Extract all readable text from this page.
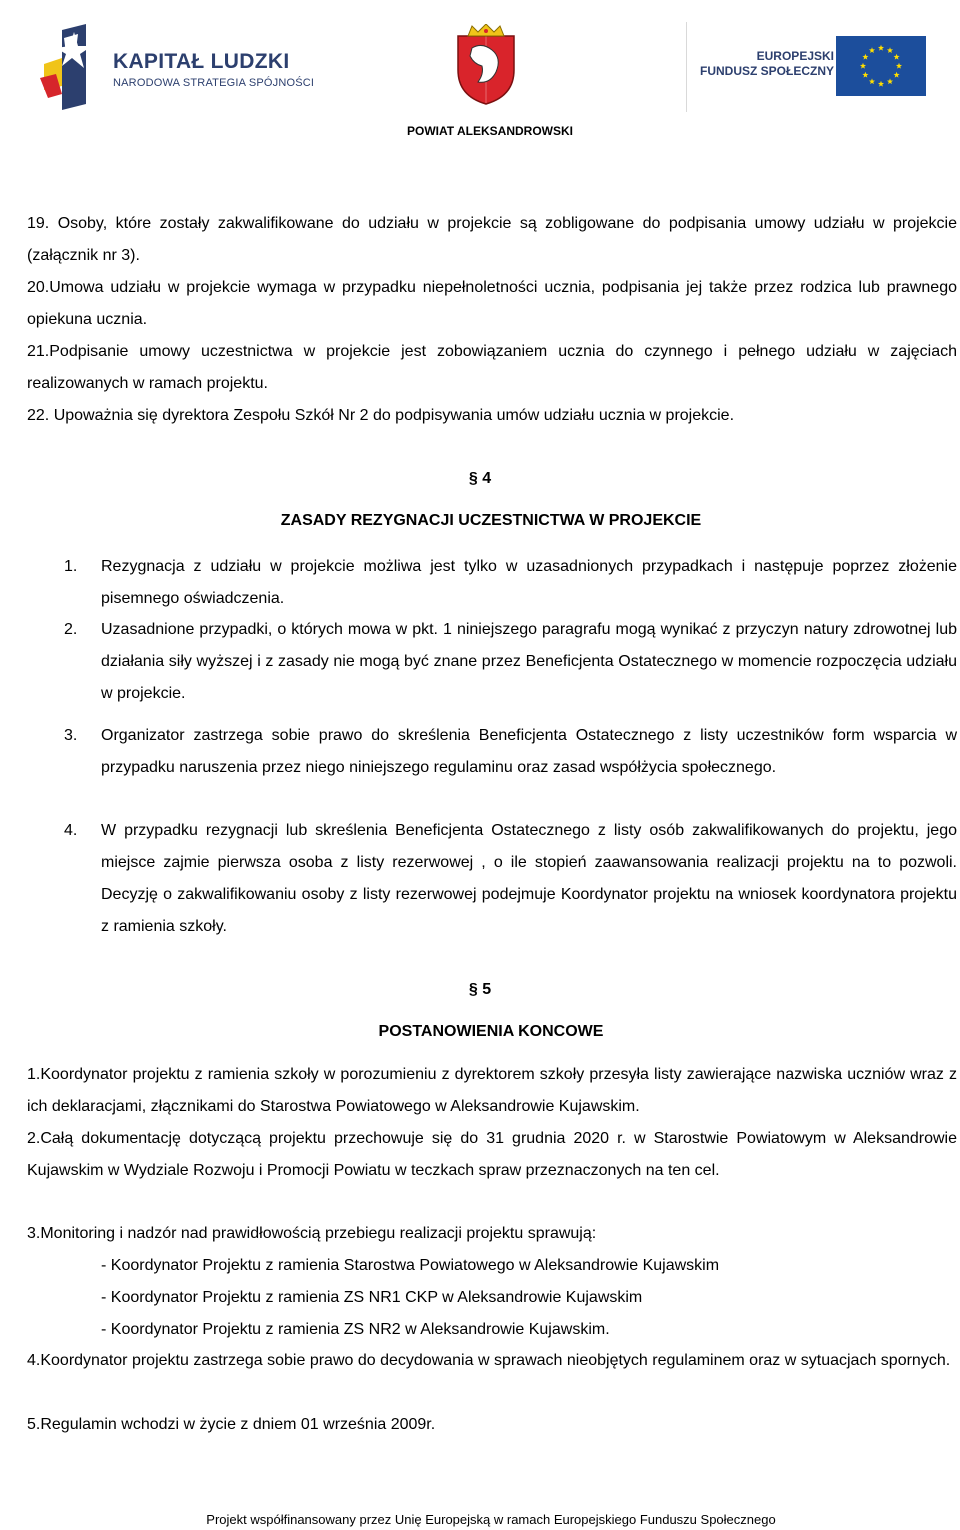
KAPITAŁ LUDZKI
NARODOWA STRATEGIA SPÓJNOŚCI
POWIAT ALEKSANDROWSKI
EUROPEJSKI
FUNDUSZ SPOŁECZNY

19. Osoby, które zostały zakwalifikowane do udziału w projekcie są zobligowane do podpisania umowy udziału w projekcie (załącznik nr 3).

20.Umowa udziału w projekcie wymaga w przypadku niepełnoletności ucznia, podpisania jej także przez rodzica lub prawnego opiekuna ucznia.

21.Podpisanie umowy uczestnictwa w projekcie jest zobowiązaniem ucznia do czynnego i pełnego udziału w zajęciach realizowanych w ramach projektu.

22. Upoważnia się dyrektora Zespołu Szkół Nr 2 do podpisywania umów udziału ucznia w projekcie.

§ 4
ZASADY REZYGNACJI UCZESTNICTWA W PROJEKCIE
1.	Rezygnacja z udziału w projekcie możliwa jest tylko w uzasadnionych przypadkach i następuje poprzez złożenie pisemnego oświadczenia.
2.	Uzasadnione przypadki, o których mowa w pkt. 1 niniejszego paragrafu mogą wynikać z przyczyn natury zdrowotnej lub działania siły wyższej i z zasady nie mogą być znane przez Beneficjenta Ostatecznego w momencie rozpoczęcia udziału w projekcie.
3.	Organizator zastrzega sobie prawo do skreślenia Beneficjenta Ostatecznego z listy uczestników form wsparcia w przypadku naruszenia przez niego niniejszego regulaminu oraz zasad współżycia społecznego.
4.	W przypadku rezygnacji lub skreślenia Beneficjenta Ostatecznego z listy osób zakwalifikowanych do projektu, jego miejsce zajmie pierwsza osoba z listy rezerwowej , o ile stopień zaawansowania realizacji projektu na to pozwoli. Decyzję o zakwalifikowaniu osoby z listy rezerwowej podejmuje Koordynator projektu na wniosek koordynatora projektu z ramienia szkoły.
§ 5
POSTANOWIENIA KONCOWE

1.Koordynator projektu z ramienia szkoły w porozumieniu z dyrektorem szkoły przesyła listy zawierające nazwiska uczniów wraz z ich deklaracjami, złącznikami do Starostwa Powiatowego w Aleksandrowie Kujawskim.

2.Całą dokumentację dotyczącą projektu przechowuje się do 31 grudnia 2020 r. w Starostwie Powiatowym w Aleksandrowie Kujawskim w Wydziale Rozwoju i Promocji Powiatu w teczkach spraw przeznaczonych na ten cel.

3.Monitoring i nadzór nad prawidłowością przebiegu realizacji projektu sprawują:

- Koordynator Projektu z ramienia Starostwa Powiatowego w Aleksandrowie Kujawskim
- Koordynator Projektu z ramienia ZS NR1 CKP w Aleksandrowie Kujawskim
- Koordynator Projektu z ramienia ZS NR2 w Aleksandrowie Kujawskim.

4.Koordynator projektu zastrzega sobie prawo do decydowania w sprawach nieobjętych regulaminem oraz w sytuacjach spornych.

5.Regulamin wchodzi w życie z dniem 01 września 2009r.

Projekt współfinansowany przez Unię Europejską w ramach Europejskiego Funduszu Społecznego
